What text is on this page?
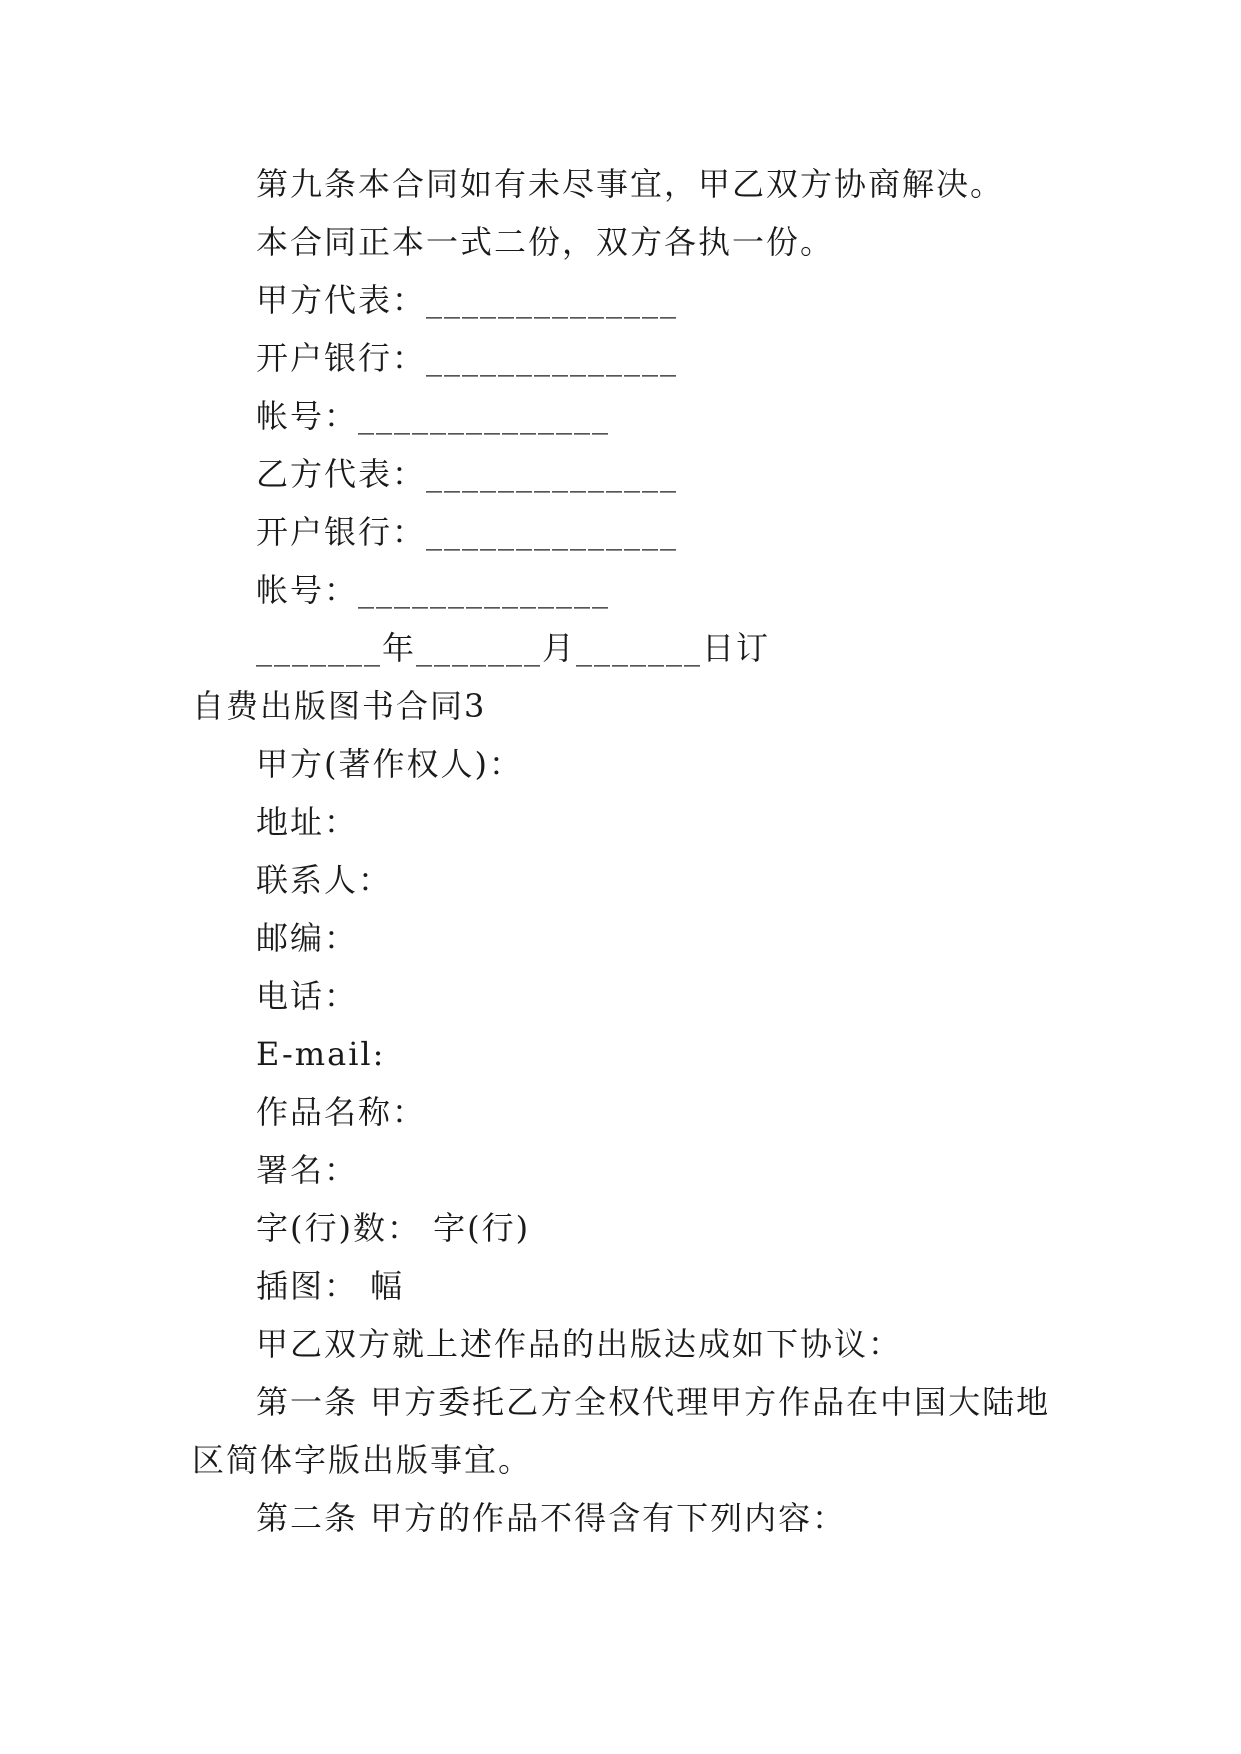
第九条本合同如有未尽事宜，甲乙双方协商解决。
本合同正本一式二份，双方各执一份。
甲方代表：______________
开户银行：______________
帐号：______________
乙方代表：______________
开户银行：______________
帐号：______________
_______年_______月_______日订
自费出版图书合同3
甲方(著作权人)：
地址：
联系人：
邮编：
电话：
E-mail:
作品名称：
署名：
字(行)数： 字(行)
插图： 幅
甲乙双方就上述作品的出版达成如下协议：
第一条 甲方委托乙方全权代理甲方作品在中国大陆地
区简体字版出版事宜。
第二条 甲方的作品不得含有下列内容：
